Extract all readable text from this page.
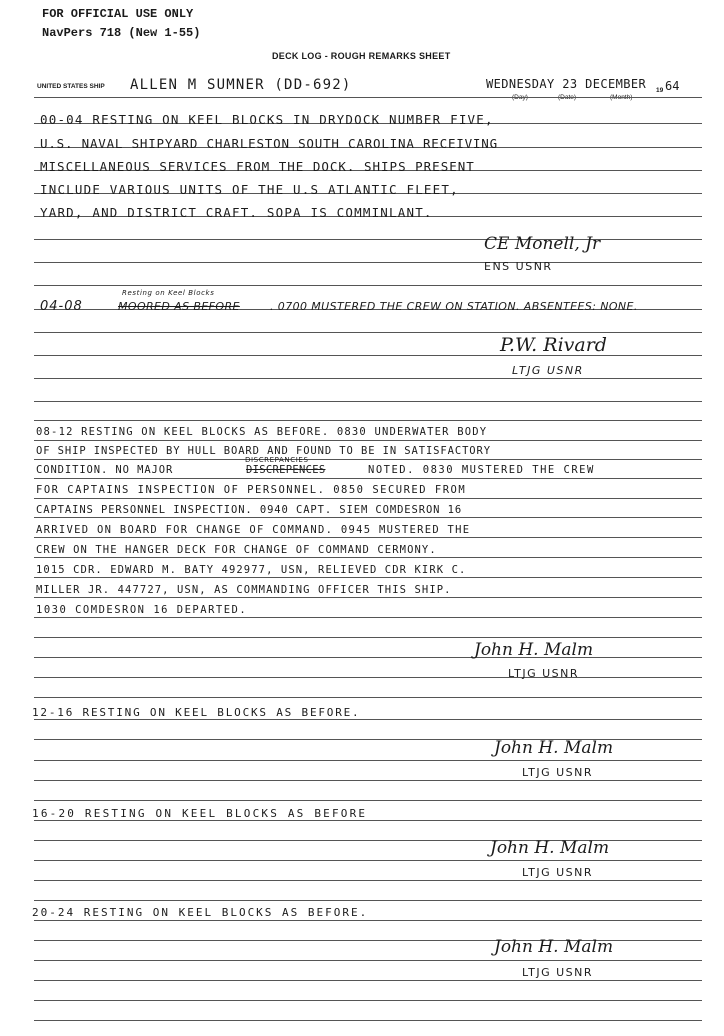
FOR OFFICIAL USE ONLY
NavPers 718 (New 1-55)
DECK LOG - ROUGH REMARKS SHEET
UNITED STATES SHIP ALLEN M SUMNER (DD-692)	WEDNESDAY 23 DECEMBER 19 64
(Day)	(Date)	(Month)
00-04 RESTING ON KEEL BLOCKS IN DRYDOCK NUMBER FIVE,
U.S. NAVAL SHIPYARD CHARLESTON SOUTH CAROLINA RECEIVING
MISCELLANEOUS SERVICES FROM THE DOCK. SHIPS PRESENT
INCLUDE VARIOUS UNITS OF THE U.S ATLANTIC FLEET,
YARD, AND DISTRICT CRAFT. SOPA IS COMMINLANT.
CE Monell, Jr
ENS USNR
Resting on Keel Blocks
04-08	MOORED AS BEFORE	. 0700 MUSTERED THE CREW ON STATION. ABSENTEES: NONE.
P.W. Rivard
LTJG USNR
08-12 RESTING ON KEEL BLOCKS AS BEFORE. 0830 UNDERWATER BODY
OF SHIP INSPECTED BY HULL BOARD AND FOUND TO BE IN SATISFACTORY
DISCREPANCIES
CONDITION. NO MAJOR	DISCREPENCES	NOTED. 0830 MUSTERED THE CREW
FOR CAPTAINS INSPECTION OF PERSONNEL. 0850 SECURED FROM
CAPTAINS PERSONNEL INSPECTION. 0940 CAPT. SIEM COMDESRON 16
ARRIVED ON BOARD FOR CHANGE OF COMMAND. 0945 MUSTERED THE
CREW ON THE HANGER DECK FOR CHANGE OF COMMAND CERMONY.
1015 CDR. EDWARD M. BATY 492977, USN, RELIEVED CDR KIRK C.
MILLER JR. 447727, USN, AS COMMANDING OFFICER THIS SHIP.
1030 COMDESRON 16 DEPARTED.
John H. Malm
LTJG USNR
12-16 RESTING ON KEEL BLOCKS AS BEFORE.
John H. Malm
LTJG USNR
16-20 RESTING ON KEEL BLOCKS AS BEFORE
John H. Malm
LTJG USNR
20-24 RESTING ON KEEL BLOCKS AS BEFORE.
John H. Malm
LTJG USNR
